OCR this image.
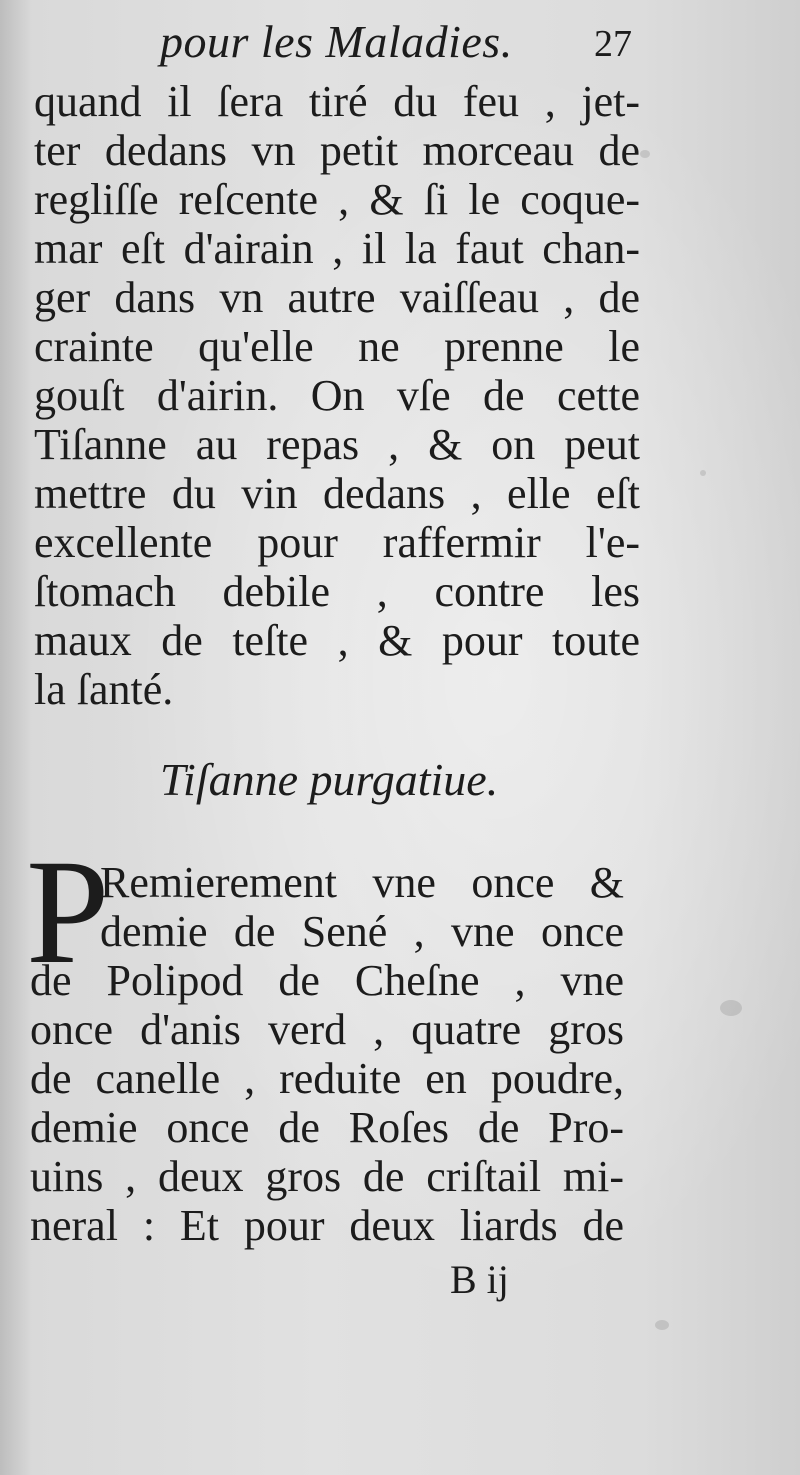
pour les Maladies. 27
quand il ſera tiré du feu , jet-
ter dedans vn petit morceau de
regliſſe reſcente , & ſi le coque-
mar eſt d'airain , il la faut chan-
ger dans vn autre vaiſſeau , de
crainte qu'elle ne prenne le
gouſt d'airin. On vſe de cette
Tiſanne au repas , & on peut
mettre du vin dedans , elle eſt
excellente pour raffermir l'e-
ſtomach debile , contre les
maux de teſte , & pour toute
la ſanté.
Tiſanne purgatiue.
P
Remierement vne once &
demie de Sené , vne once
de Polipod de Cheſne , vne
once d'anis verd , quatre gros
de canelle , reduite en poudre,
demie once de Roſes de Pro-
uins , deux gros de criſtail mi-
neral : Et pour deux liards de
B ij
